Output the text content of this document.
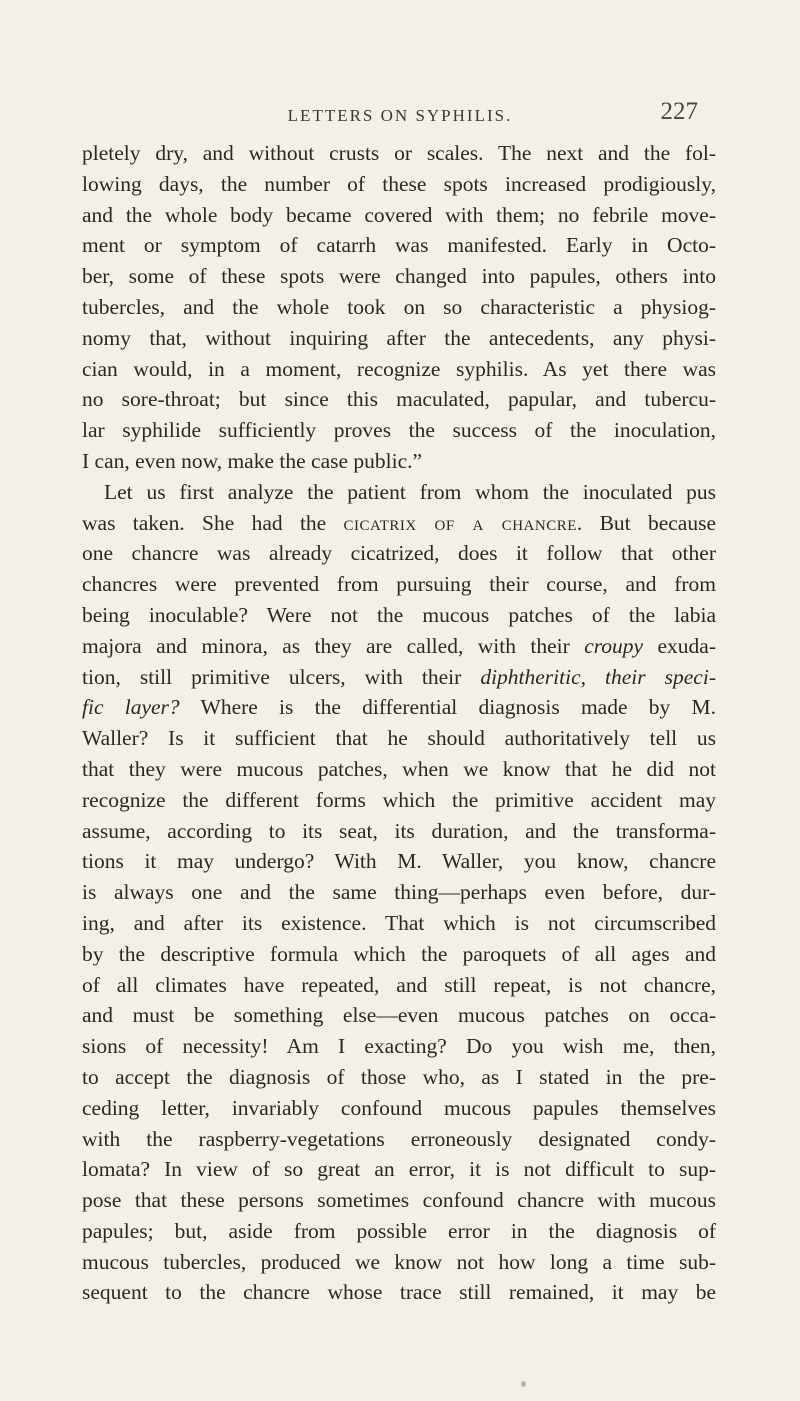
LETTERS ON SYPHILIS.	227
pletely dry, and without crusts or scales. The next and the fol-
lowing days, the number of these spots increased prodigiously,
and the whole body became covered with them; no febrile move-
ment or symptom of catarrh was manifested. Early in Octo-
ber, some of these spots were changed into papules, others into
tubercles, and the whole took on so characteristic a physiog-
nomy that, without inquiring after the antecedents, any physi-
cian would, in a moment, recognize syphilis. As yet there was
no sore-throat; but since this maculated, papular, and tubercu-
lar syphilide sufficiently proves the success of the inoculation,
I can, even now, make the case public.”
Let us first analyze the patient from whom the inoculated pus
was taken. She had the cicatrix of a chancre. But because
one chancre was already cicatrized, does it follow that other
chancres were prevented from pursuing their course, and from
being inoculable? Were not the mucous patches of the labia
majora and minora, as they are called, with their croupy exuda-
tion, still primitive ulcers, with their diphtheritic, their speci-
fic layer? Where is the differential diagnosis made by M.
Waller? Is it sufficient that he should authoritatively tell us
that they were mucous patches, when we know that he did not
recognize the different forms which the primitive accident may
assume, according to its seat, its duration, and the transforma-
tions it may undergo? With M. Waller, you know, chancre
is always one and the same thing—perhaps even before, dur-
ing, and after its existence. That which is not circumscribed
by the descriptive formula which the paroquets of all ages and
of all climates have repeated, and still repeat, is not chancre,
and must be something else—even mucous patches on occa-
sions of necessity! Am I exacting? Do you wish me, then,
to accept the diagnosis of those who, as I stated in the pre-
ceding letter, invariably confound mucous papules themselves
with the raspberry-vegetations erroneously designated condy-
lomata? In view of so great an error, it is not difficult to sup-
pose that these persons sometimes confound chancre with mucous
papules; but, aside from possible error in the diagnosis of
mucous tubercles, produced we know not how long a time sub-
sequent to the chancre whose trace still remained, it may be
